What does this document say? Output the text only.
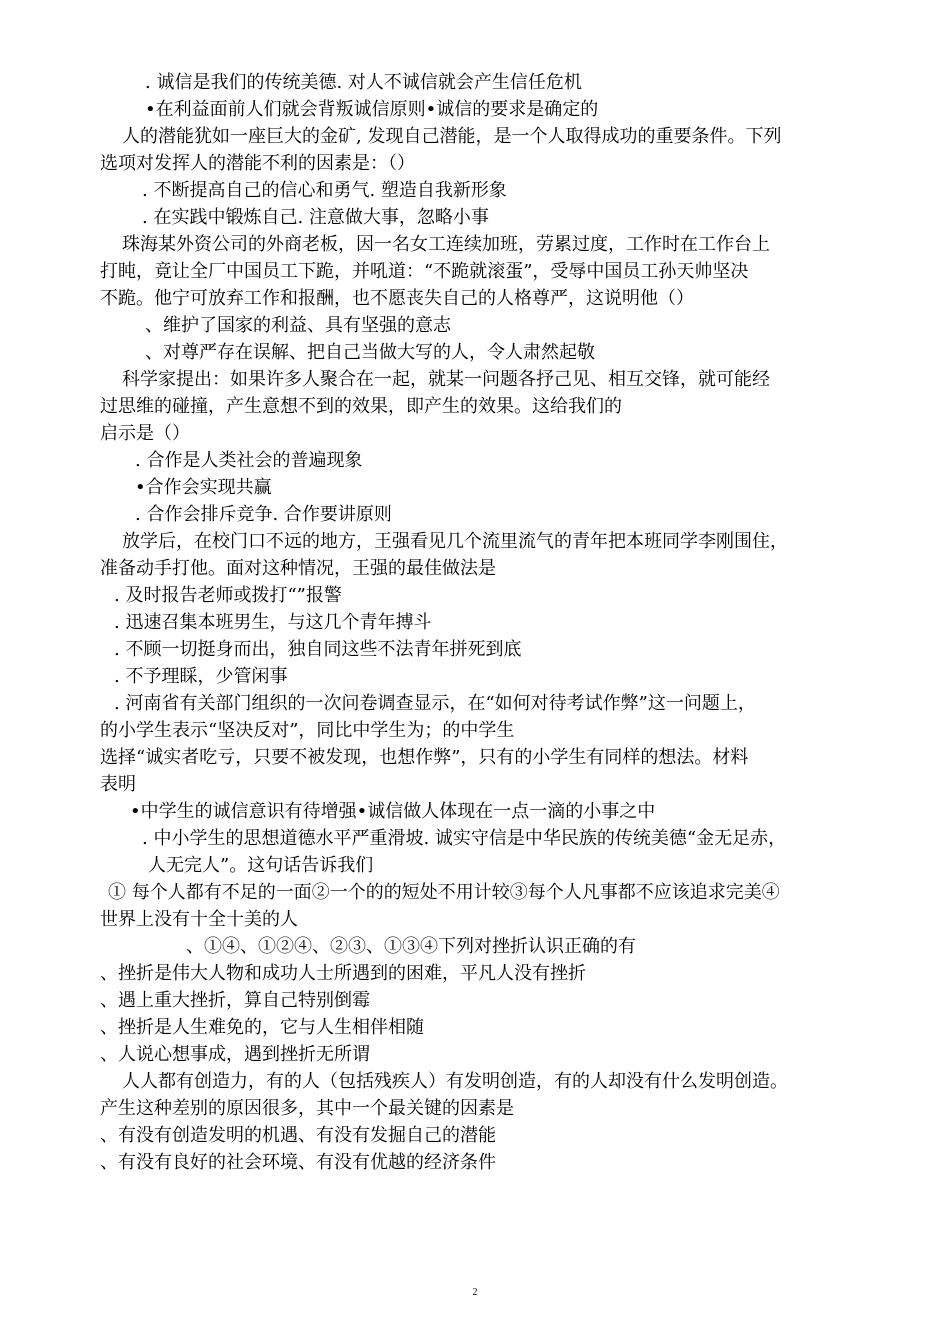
. 诚信是我们的传统美德. 对人不诚信就会产生信任危机
•在利益面前人们就会背叛诚信原则•诚信的要求是确定的
人的潜能犹如一座巨大的金矿, 发现自己潜能，是一个人取得成功的重要条件。下列
选项对发挥人的潜能不利的因素是：（）
. 不断提高自己的信心和勇气. 塑造自我新形象
. 在实践中锻炼自己. 注意做大事，忽略小事
珠海某外资公司的外商老板，因一名女工连续加班，劳累过度，工作时在工作台上
打盹，竟让全厂中国员工下跪，并吼道：“不跪就滚蛋”，受辱中国员工孙天帅坚决
不跪。他宁可放弃工作和报酬，也不愿丧失自己的人格尊严，这说明他（）
、维护了国家的利益、具有坚强的意志
、对尊严存在误解、把自己当做大写的人，令人肃然起敬
科学家提出：如果许多人聚合在一起，就某一问题各抒己见、相互交锋，就可能经
过思维的碰撞，产生意想不到的效果，即产生的效果。这给我们的
启示是（）
. 合作是人类社会的普遍现象
•合作会实现共赢
. 合作会排斥竞争. 合作要讲原则
放学后，在校门口不远的地方，王强看见几个流里流气的青年把本班同学李刚围住，
准备动手打他。面对这种情况，王强的最佳做法是
. 及时报告老师或拨打“”报警
. 迅速召集本班男生，与这几个青年搏斗
. 不顾一切挺身而出，独自同这些不法青年拼死到底
. 不予理睬，少管闲事
. 河南省有关部门组织的一次问卷调查显示，在“如何对待考试作弊”这一问题上，
的小学生表示“坚决反对”，同比中学生为；的中学生
选择“诚实者吃亏，只要不被发现，也想作弊”，只有的小学生有同样的想法。材料
表明
•中学生的诚信意识有待增强•诚信做人体现在一点一滴的小事之中
. 中小学生的思想道德水平严重滑坡. 诚实守信是中华民族的传统美德“金无足赤，
人无完人”。这句话告诉我们
① 每个人都有不足的一面②一个的的短处不用计较③每个人凡事都不应该追求完美④
世界上没有十全十美的人
、①④、①②④、②③、①③④下列对挫折认识正确的有
、挫折是伟大人物和成功人士所遇到的困难，平凡人没有挫折
、遇上重大挫折，算自己特别倒霉
、挫折是人生难免的，它与人生相伴相随
、人说心想事成，遇到挫折无所谓
人人都有创造力，有的人（包括残疾人）有发明创造，有的人却没有什么发明创造。
产生这种差别的原因很多，其中一个最关键的因素是
、有没有创造发明的机遇、有没有发掘自己的潜能
、有没有良好的社会环境、有没有优越的经济条件
2
